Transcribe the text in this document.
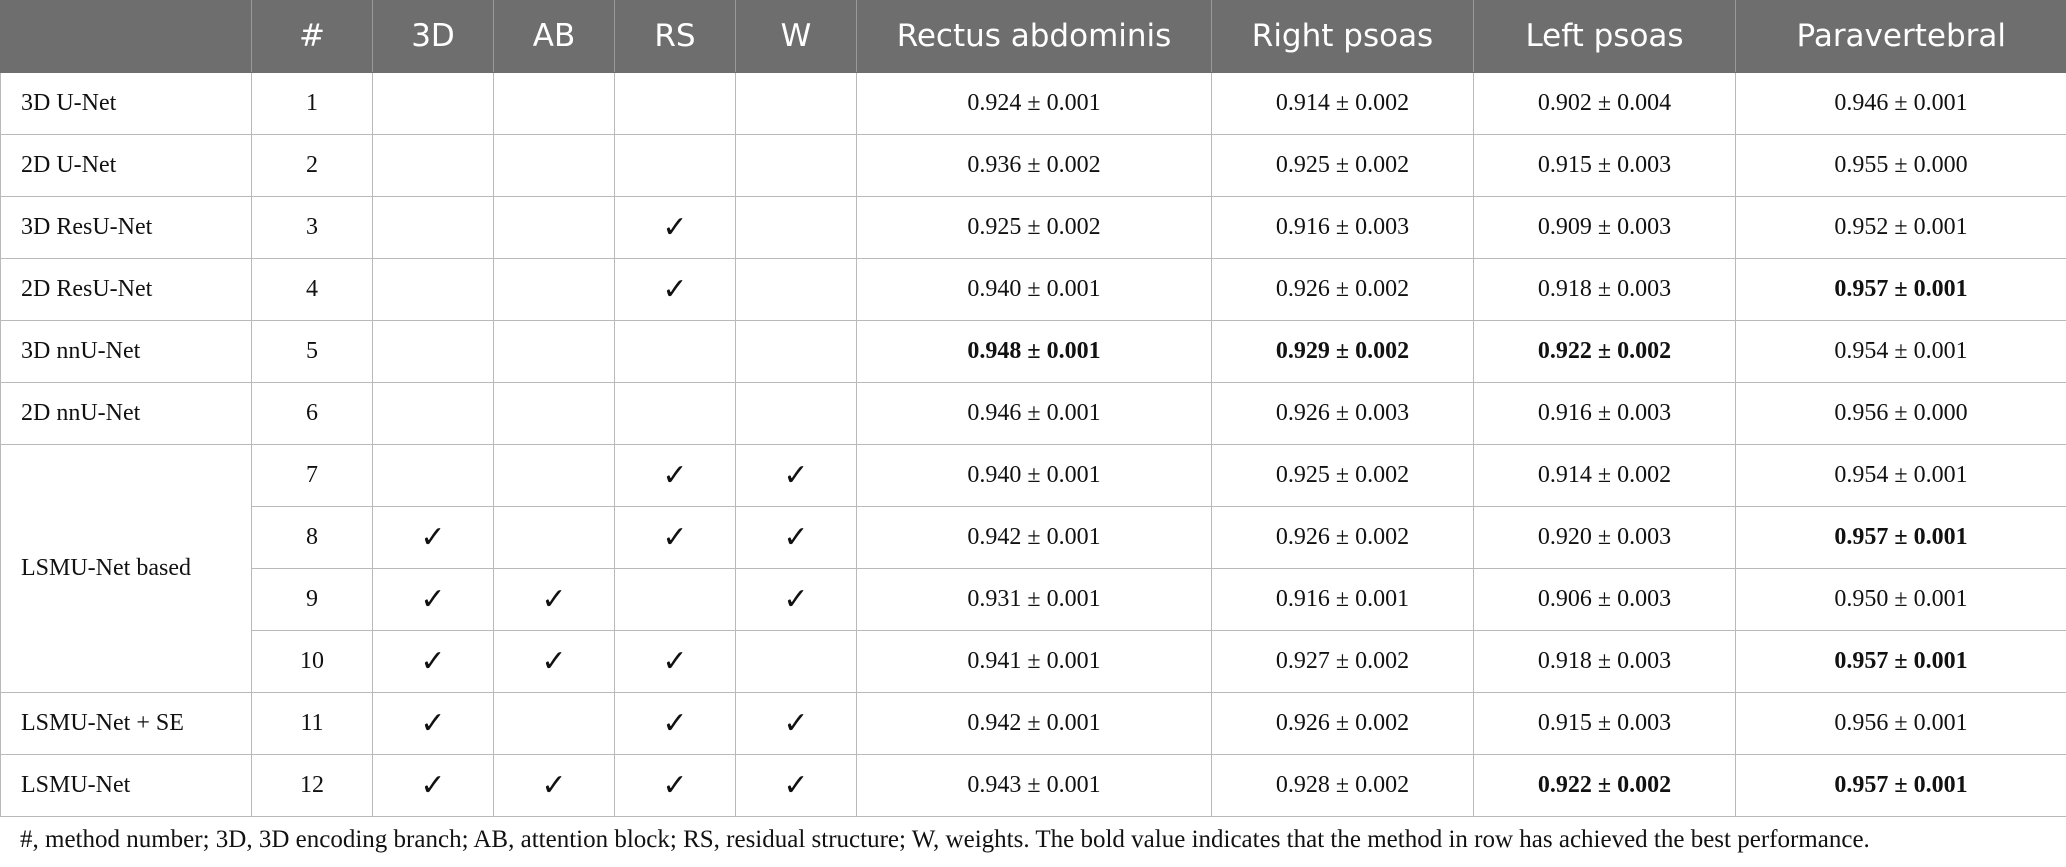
	#	3D	AB	RS	W	Rectus abdominis	Right psoas	Left psoas	Paravertebral
3D U-Net	1					0.924 ± 0.001	0.914 ± 0.002	0.902 ± 0.004	0.946 ± 0.001
2D U-Net	2					0.936 ± 0.002	0.925 ± 0.002	0.915 ± 0.003	0.955 ± 0.000
3D ResU-Net	3			✓		0.925 ± 0.002	0.916 ± 0.003	0.909 ± 0.003	0.952 ± 0.001
2D ResU-Net	4			✓		0.940 ± 0.001	0.926 ± 0.002	0.918 ± 0.003	0.957 ± 0.001
3D nnU-Net	5					0.948 ± 0.001	0.929 ± 0.002	0.922 ± 0.002	0.954 ± 0.001
2D nnU-Net	6					0.946 ± 0.001	0.926 ± 0.003	0.916 ± 0.003	0.956 ± 0.000
LSMU-Net based	7			✓	✓	0.940 ± 0.001	0.925 ± 0.002	0.914 ± 0.002	0.954 ± 0.001
	8	✓		✓	✓	0.942 ± 0.001	0.926 ± 0.002	0.920 ± 0.003	0.957 ± 0.001
	9	✓	✓		✓	0.931 ± 0.001	0.916 ± 0.001	0.906 ± 0.003	0.950 ± 0.001
	10	✓	✓	✓		0.941 ± 0.001	0.927 ± 0.002	0.918 ± 0.003	0.957 ± 0.001
LSMU-Net + SE	11	✓		✓	✓	0.942 ± 0.001	0.926 ± 0.002	0.915 ± 0.003	0.956 ± 0.001
LSMU-Net	12	✓	✓	✓	✓	0.943 ± 0.001	0.928 ± 0.002	0.922 ± 0.002	0.957 ± 0.001
#, method number; 3D, 3D encoding branch; AB, attention block; RS, residual structure; W, weights. The bold value indicates that the method in row has achieved the best performance.
